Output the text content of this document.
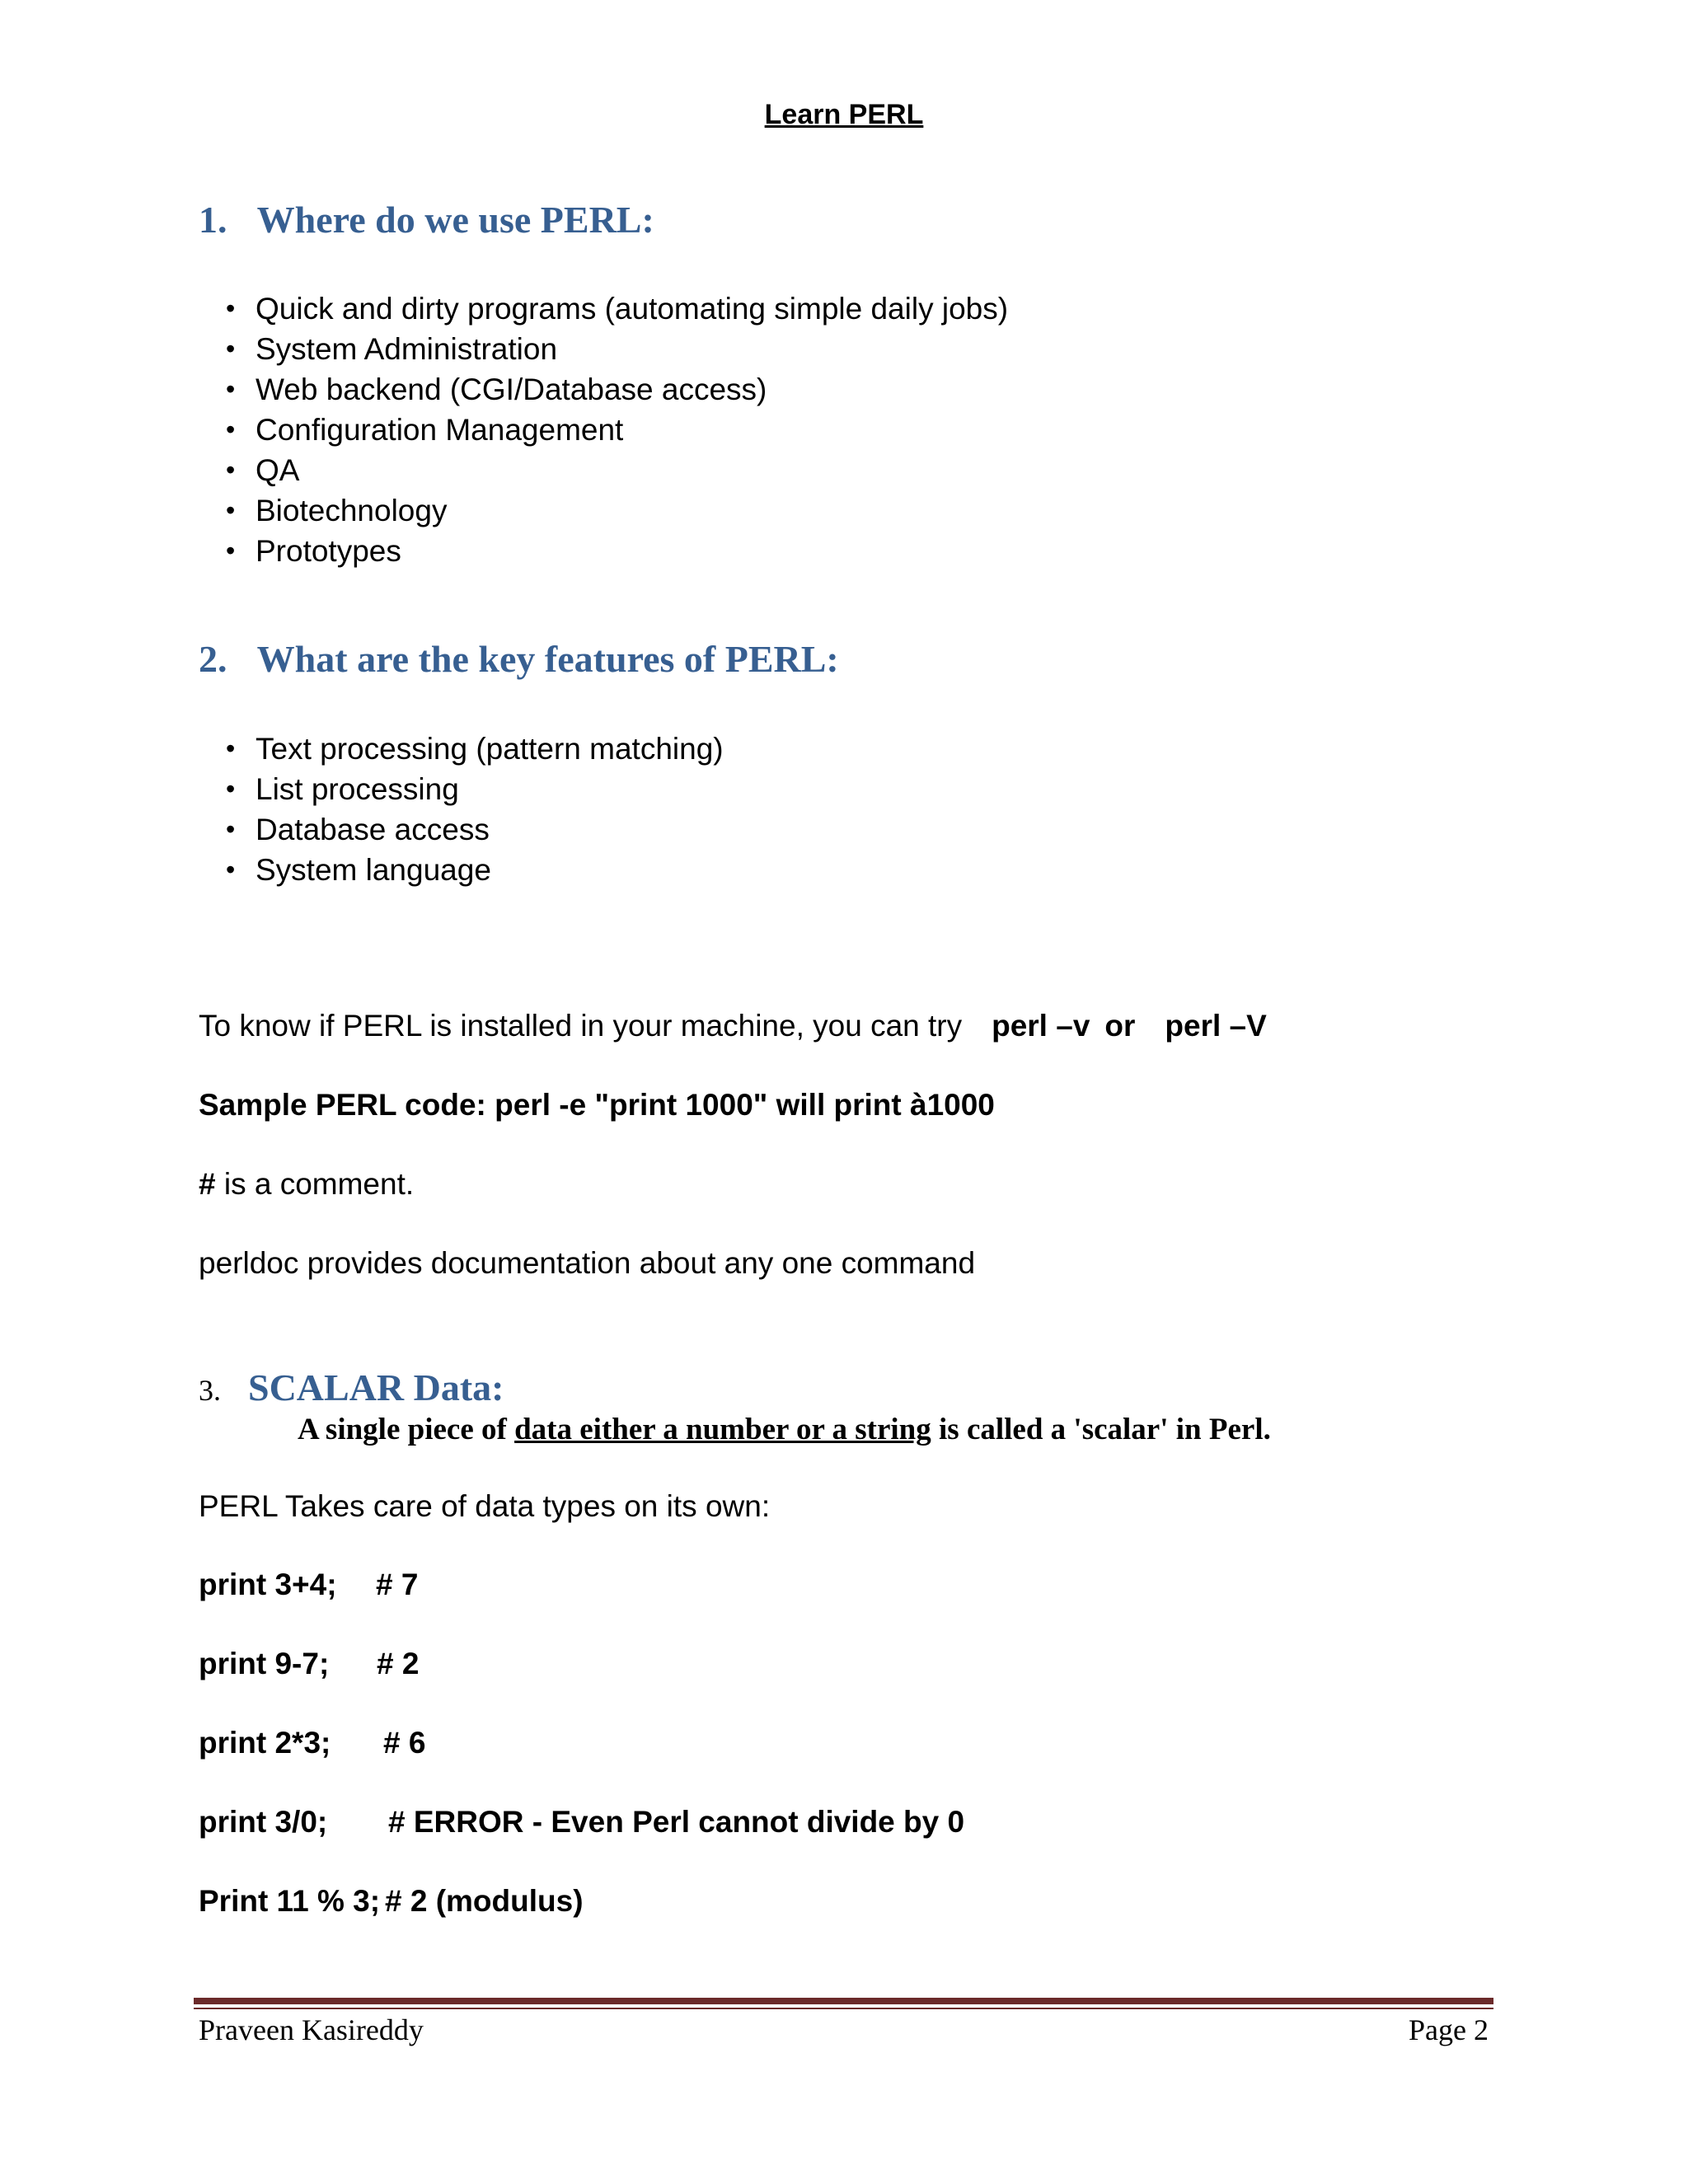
Learn PERL
1. Where do we use PERL:
• Quick and dirty programs (automating simple daily jobs)
• System Administration
• Web backend (CGI/Database access)
• Configuration Management
• QA
• Biotechnology
• Prototypes
2. What are the key features of PERL:
• Text processing (pattern matching)
• List processing
• Database access
• System language
To know if PERL is installed in your machine, you can try perl –v or perl –V
Sample PERL code: perl -e "print 1000" will print à1000
# is a comment.
perldoc provides documentation about any one command
3. SCALAR Data:
A single piece of data either a number or a string is called a 'scalar' in Perl.
PERL Takes care of data types on its own:
print 3+4; # 7
print 9-7; # 2
print 2*3; # 6
print 3/0; # ERROR - Even Perl cannot divide by 0
Print 11 % 3; # 2 (modulus)
Praveen Kasireddy	Page 2
